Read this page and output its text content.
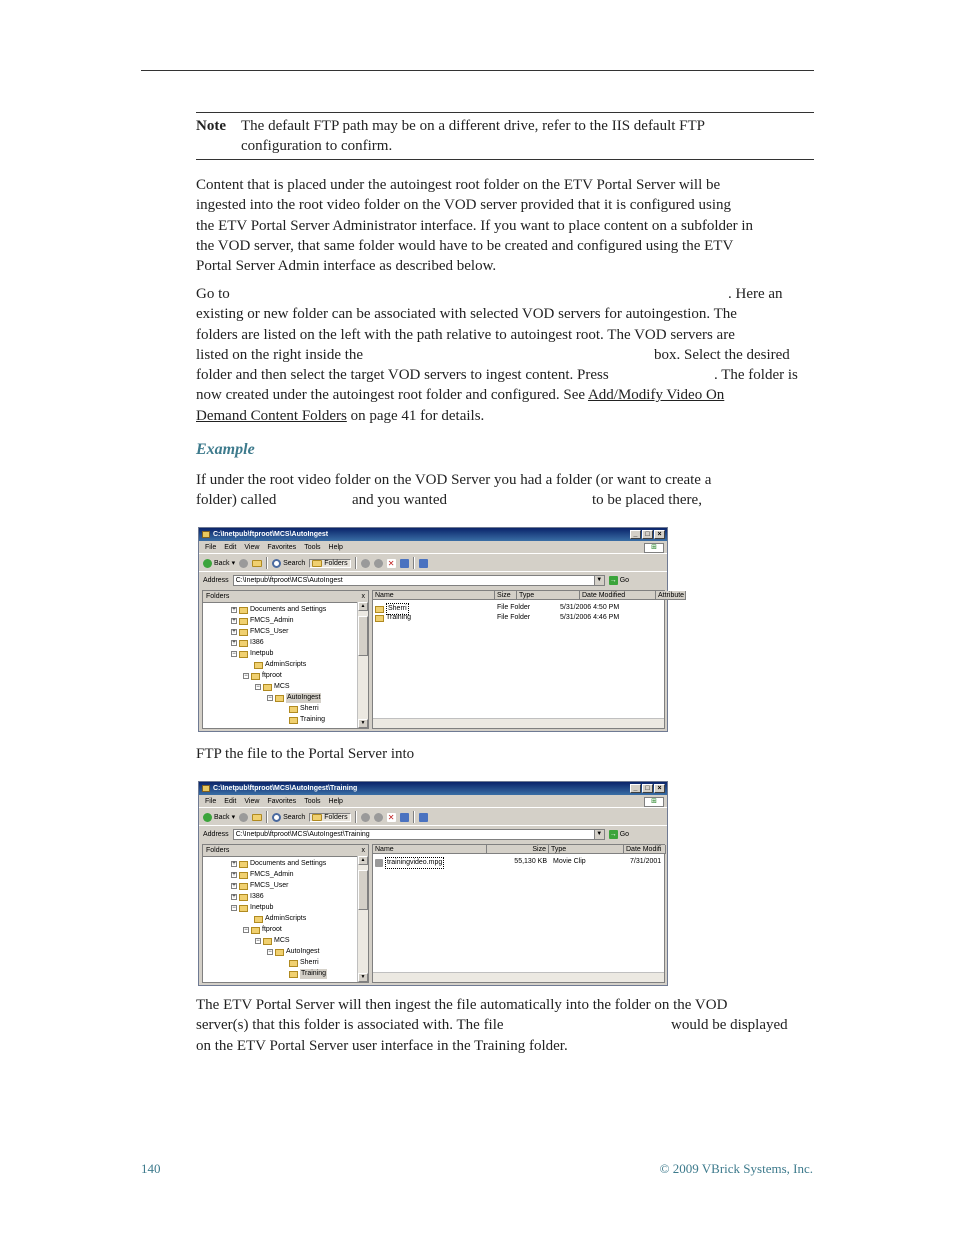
Note The default FTP path may be on a different drive, refer to the IIS default FTP
configuration to confirm.
Content that is placed under the autoingest root folder on the ETV Portal Server will be
ingested into the root video folder on the VOD server provided that it is configured using
the ETV Portal Server Administrator interface. If you want to place content on a subfolder in
the VOD server, that same folder would have to be created and configured using the ETV
Portal Server Admin interface as described below.
Go to	. Here an
existing or new folder can be associated with selected VOD servers for autoingestion. The
folders are listed on the left with the path relative to autoingest root. The VOD servers are
listed on the right inside the	box. Select the desired
folder and then select the target VOD servers to ingest content. Press	. The folder is
now created under the autoingest root folder and configured. See Add/Modify Video On
Demand Content Folders on page 41 for details.
Example
If under the root video folder on the VOD Server you had a folder (or want to create a
folder) called	and you wanted	to be placed there,
C:\Inetpub\ftproot\MCS\AutoIngest	_	□	×
File Edit View Favorites Tools Help	⊞
Back ▾	Search	Folders	✕
Address	C:\Inetpub\ftproot\MCS\AutoIngest	▼ → Go
Folders	x
+ Documents and Settings
+ FMCS_Admin
+ FMCS_User
+ I386
− Inetpub
AdminScripts
− ftproot
− MCS
− AutoIngest
Sherri
Training
▲
▼
Name	Size	Type	Date Modified	Attribute
Sherri	File Folder	5/31/2006 4:50 PM
Training	File Folder	5/31/2006 4:46 PM
FTP the file to the Portal Server into
C:\Inetpub\ftproot\MCS\AutoIngest\Training	_	□	×
File Edit View Favorites Tools Help	⊞
Back ▾	Search	Folders	✕
Address	C:\Inetpub\ftproot\MCS\AutoIngest\Training	▼ → Go
Folders	x
+ Documents and Settings
+ FMCS_Admin
+ FMCS_User
+ I386
− Inetpub
AdminScripts
− ftproot
− MCS
− AutoIngest
Sherri
Training
▲
▼
Name	Size Type	Date Modifi
trainingvideo.mpg	55,130 KB Movie Clip	7/31/2001
The ETV Portal Server will then ingest the file automatically into the folder on the VOD
server(s) that this folder is associated with. The file	would be displayed
on the ETV Portal Server user interface in the Training folder.
140	© 2009 VBrick Systems, Inc.
